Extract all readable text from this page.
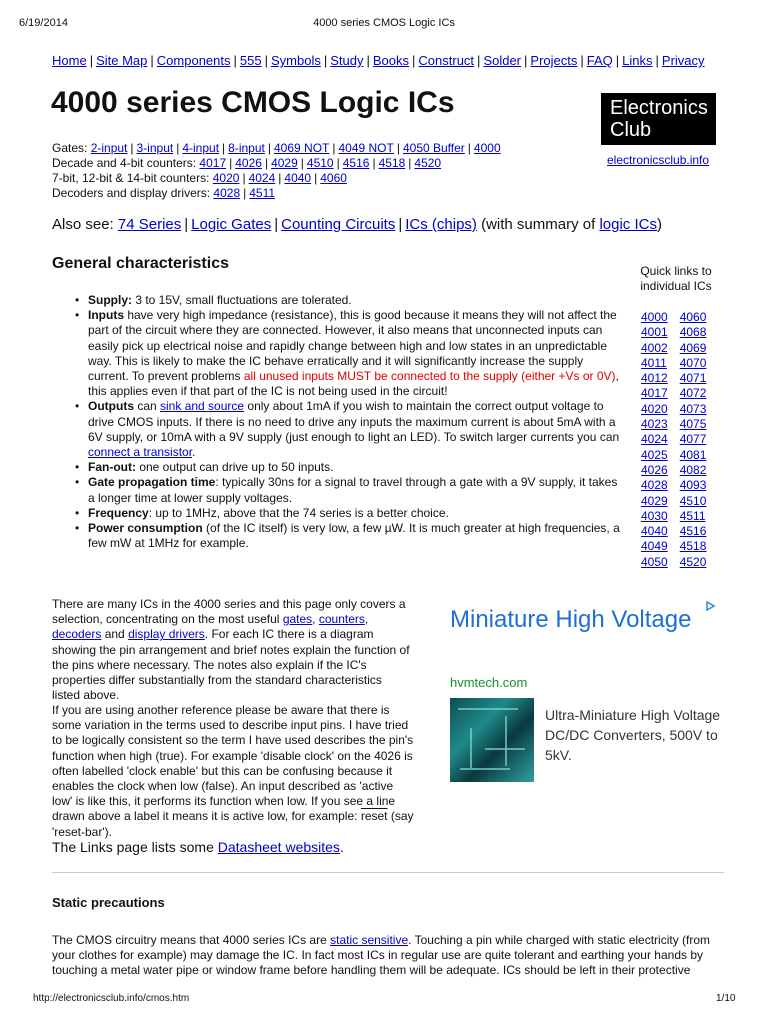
6/19/2014	4000 series CMOS Logic ICs
Home | Site Map | Components | 555 | Symbols | Study | Books | Construct | Solder | Projects | FAQ | Links | Privacy
4000 series CMOS Logic ICs	Electronics
Club
electronicsclub.info
Gates: 2-input | 3-input | 4-input | 8-input | 4069 NOT | 4049 NOT | 4050 Buffer | 4000
Decade and 4-bit counters: 4017 | 4026 | 4029 | 4510 | 4516 | 4518 | 4520
7-bit, 12-bit & 14-bit counters: 4020 | 4024 | 4040 | 4060
Decoders and display drivers: 4028 | 4511
Also see: 74 Series | Logic Gates | Counting Circuits | ICs (chips) (with summary of logic ICs)
General characteristics	Quick links to individual ICs
4000	4060
4001	4068
4002	4069
4011	4070
4012	4071
4017	4072
4020	4073
4023	4075
4024	4077
4025	4081
4026	4082
4028	4093
4029	4510
4030	4511
4040	4516
4049	4518
4050	4520
• Supply: 3 to 15V, small fluctuations are tolerated.
• Inputs have very high impedance (resistance), this is good because it means they will not affect the part of the circuit where they are connected. However, it also means that unconnected inputs can easily pick up electrical noise and rapidly change between high and low states in an unpredictable way. This is likely to make the IC behave erratically and it will significantly increase the supply current. To prevent problems all unused inputs MUST be connected to the supply (either +Vs or 0V), this applies even if that part of the IC is not being used in the circuit!
• Outputs can sink and source only about 1mA if you wish to maintain the correct output voltage to drive CMOS inputs. If there is no need to drive any inputs the maximum current is about 5mA with a 6V supply, or 10mA with a 9V supply (just enough to light an LED). To switch larger currents you can connect a transistor.
• Fan-out: one output can drive up to 50 inputs.
• Gate propagation time: typically 30ns for a signal to travel through a gate with a 9V supply, it takes a longer time at lower supply voltages.
• Frequency: up to 1MHz, above that the 74 series is a better choice.
• Power consumption (of the IC itself) is very low, a few µW. It is much greater at high frequencies, a few mW at 1MHz for example.

There are many ICs in the 4000 series and this page only covers a selection, concentrating on the most useful gates, counters, decoders and display drivers. For each IC there is a diagram showing the pin arrangement and brief notes explain the function of the pins where necessary. The notes also explain if the IC's properties differ substantially from the standard characteristics listed above.

If you are using another reference please be aware that there is some variation in the terms used to describe input pins. I have tried to be logically consistent so the term I have used describes the pin's function when high (true). For example 'disable clock' on the 4026 is often labelled 'clock enable' but this can be confusing because it enables the clock when low (false). An input described as 'active low' is like this, it performs its function when low. If you see a line drawn above a label it means it is active low, for example: reset (say 'reset-bar').

The Links page lists some Datasheet websites.

Miniature High Voltage
hvmtech.com
Ultra-Miniature High Voltage DC/DC Converters, 500V to 5kV.
Static precautions

The CMOS circuitry means that 4000 series ICs are static sensitive. Touching a pin while charged with static electricity (from your clothes for example) may damage the IC. In fact most ICs in regular use are quite tolerant and earthing your hands by touching a metal water pipe or window frame before handling them will be adequate. ICs should be left in their protective

http://electronicsclub.info/cmos.htm	1/10
